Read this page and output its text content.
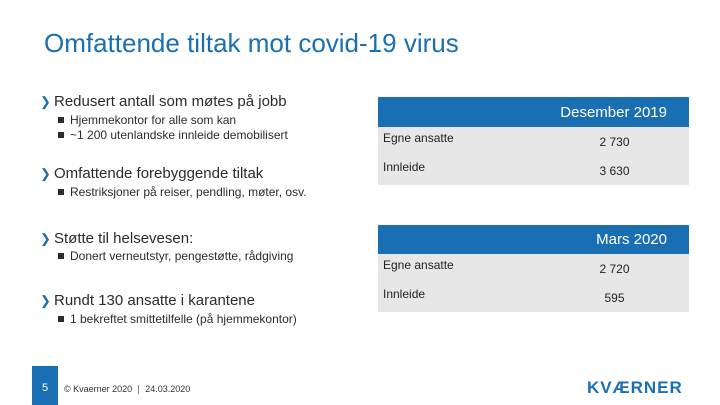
Omfattende tiltak mot covid-19 virus
❯ Redusert antall som møtes på jobb
Hjemmekontor for alle som kan
~1 200 utenlandske innleide demobilisert
❯ Omfattende forebyggende tiltak
Restriksjoner på reiser, pendling, møter, osv.
❯ Støtte til helsevesen:
Donert verneutstyr, pengestøtte, rådgiving
❯ Rundt 130 ansatte i karantene
1 bekreftet smittetilfelle (på hjemmekontor)
Desember 2019
Egne ansatte	2 730
Innleide	3 630
Mars 2020
Egne ansatte	2 720
Innleide	595
5	© Kvaerner 2020 24.03.2020	KVÆRNER
